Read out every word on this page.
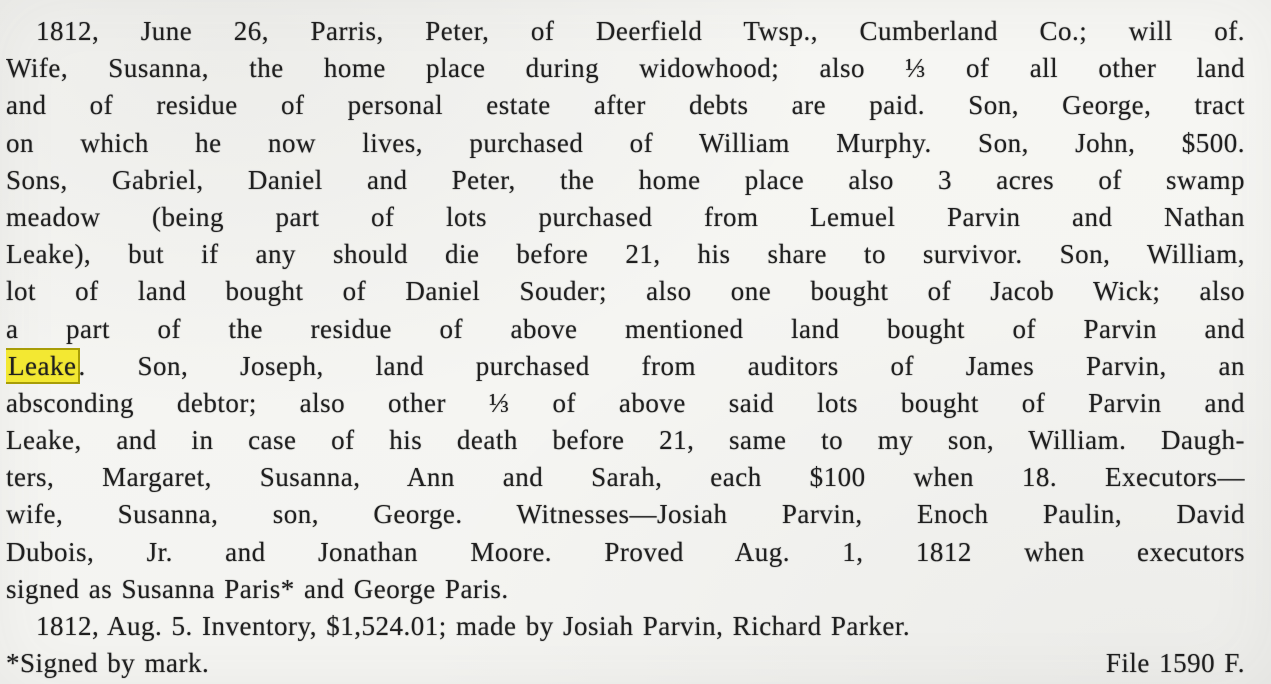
1812, June 26, Parris, Peter, of Deerfield Twsp., Cumberland Co.; will of.
Wife, Susanna, the home place during widowhood; also ⅓ of all other land
and of residue of personal estate after debts are paid. Son, George, tract
on which he now lives, purchased of William Murphy. Son, John, $500.
Sons, Gabriel, Daniel and Peter, the home place also 3 acres of swamp
meadow (being part of lots purchased from Lemuel Parvin and Nathan
Leake), but if any should die before 21, his share to survivor. Son, William,
lot of land bought of Daniel Souder; also one bought of Jacob Wick; also
a part of the residue of above mentioned land bought of Parvin and
Leake. Son, Joseph, land purchased from auditors of James Parvin, an
absconding debtor; also other ⅓ of above said lots bought of Parvin and
Leake, and in case of his death before 21, same to my son, William. Daugh-
ters, Margaret, Susanna, Ann and Sarah, each $100 when 18. Executors—
wife, Susanna, son, George. Witnesses—Josiah Parvin, Enoch Paulin, David
Dubois, Jr. and Jonathan Moore. Proved Aug. 1, 1812 when executors
signed as Susanna Paris* and George Paris.
1812, Aug. 5. Inventory, $1,524.01; made by Josiah Parvin, Richard Parker.
*Signed by mark.	File 1590 F.
